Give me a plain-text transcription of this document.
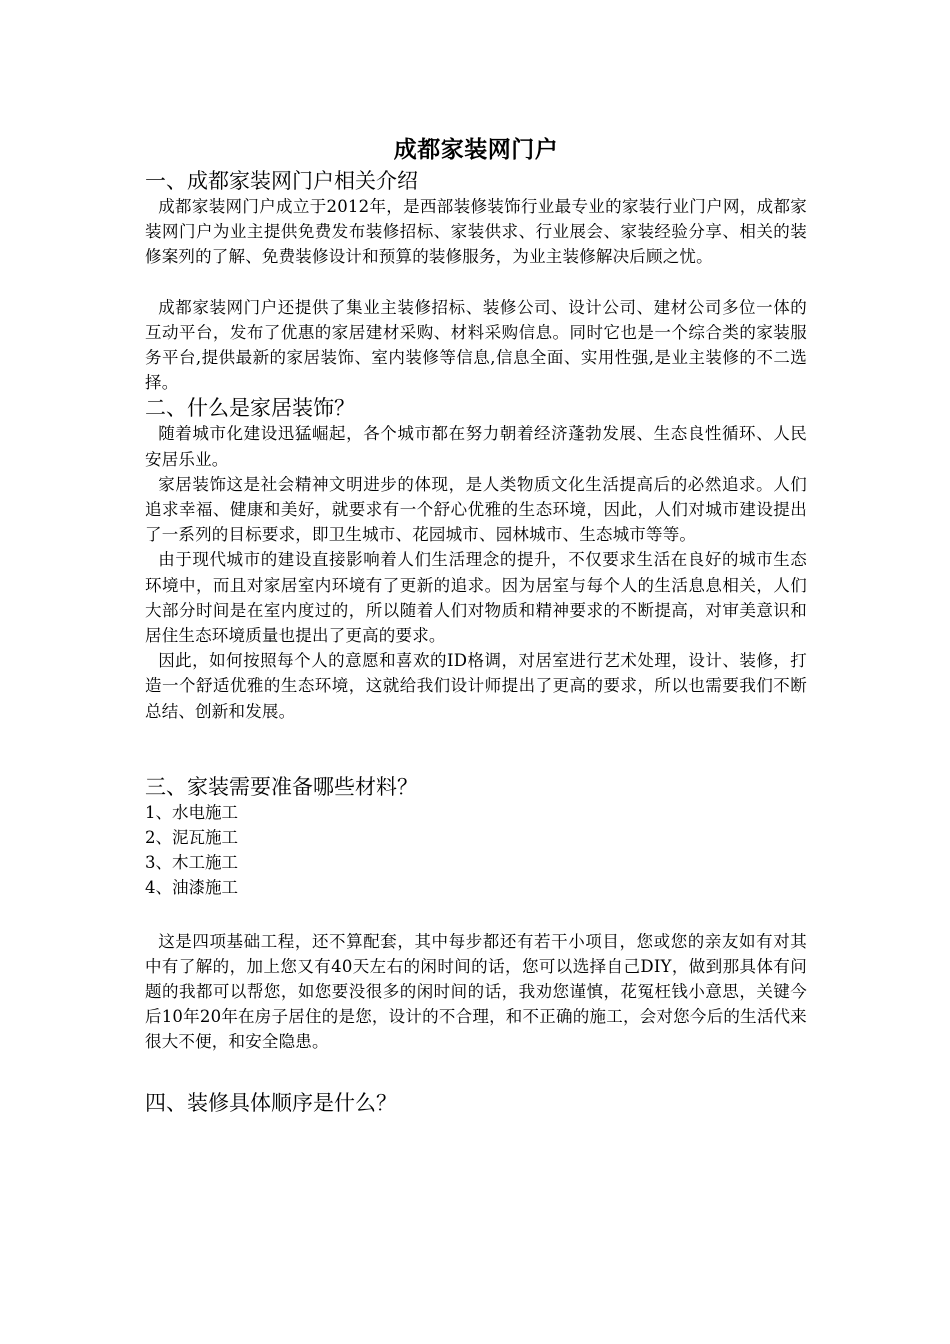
成都家装网门户
一、成都家装网门户相关介绍

成都家装网门户成立于2012年，是西部装修装饰行业最专业的家装行业门户网，成都家装网门户为业主提供免费发布装修招标、家装供求、行业展会、家装经验分享、相关的装修案列的了解、免费装修设计和预算的装修服务，为业主装修解决后顾之忧。

成都家装网门户还提供了集业主装修招标、装修公司、设计公司、建材公司多位一体的互动平台，发布了优惠的家居建材采购、材料采购信息。同时它也是一个综合类的家装服务平台,提供最新的家居装饰、室内装修等信息,信息全面、实用性强,是业主装修的不二选择。

二、什么是家居装饰？

随着城市化建设迅猛崛起，各个城市都在努力朝着经济蓬勃发展、生态良性循环、人民安居乐业。

家居装饰这是社会精神文明进步的体现，是人类物质文化生活提高后的必然追求。人们追求幸福、健康和美好，就要求有一个舒心优雅的生态环境，因此，人们对城市建设提出了一系列的目标要求，即卫生城市、花园城市、园林城市、生态城市等等。

由于现代城市的建设直接影响着人们生活理念的提升，不仅要求生活在良好的城市生态环境中，而且对家居室内环境有了更新的追求。因为居室与每个人的生活息息相关，人们大部分时间是在室内度过的，所以随着人们对物质和精神要求的不断提高，对审美意识和居住生态环境质量也提出了更高的要求。

因此，如何按照每个人的意愿和喜欢的ID格调，对居室进行艺术处理，设计、装修，打造一个舒适优雅的生态环境，这就给我们设计师提出了更高的要求，所以也需要我们不断总结、创新和发展。

三、家装需要准备哪些材料？

1、水电施工

2、泥瓦施工

3、木工施工

4、油漆施工

这是四项基础工程，还不算配套，其中每步都还有若干小项目，您或您的亲友如有对其中有了解的，加上您又有40天左右的闲时间的话，您可以选择自己DIY，做到那具体有问题的我都可以帮您，如您要没很多的闲时间的话，我劝您谨慎，花冤枉钱小意思，关键今后10年20年在房子居住的是您，设计的不合理，和不正确的施工，会对您今后的生活代来很大不便，和安全隐患。

四、装修具体顺序是什么？
